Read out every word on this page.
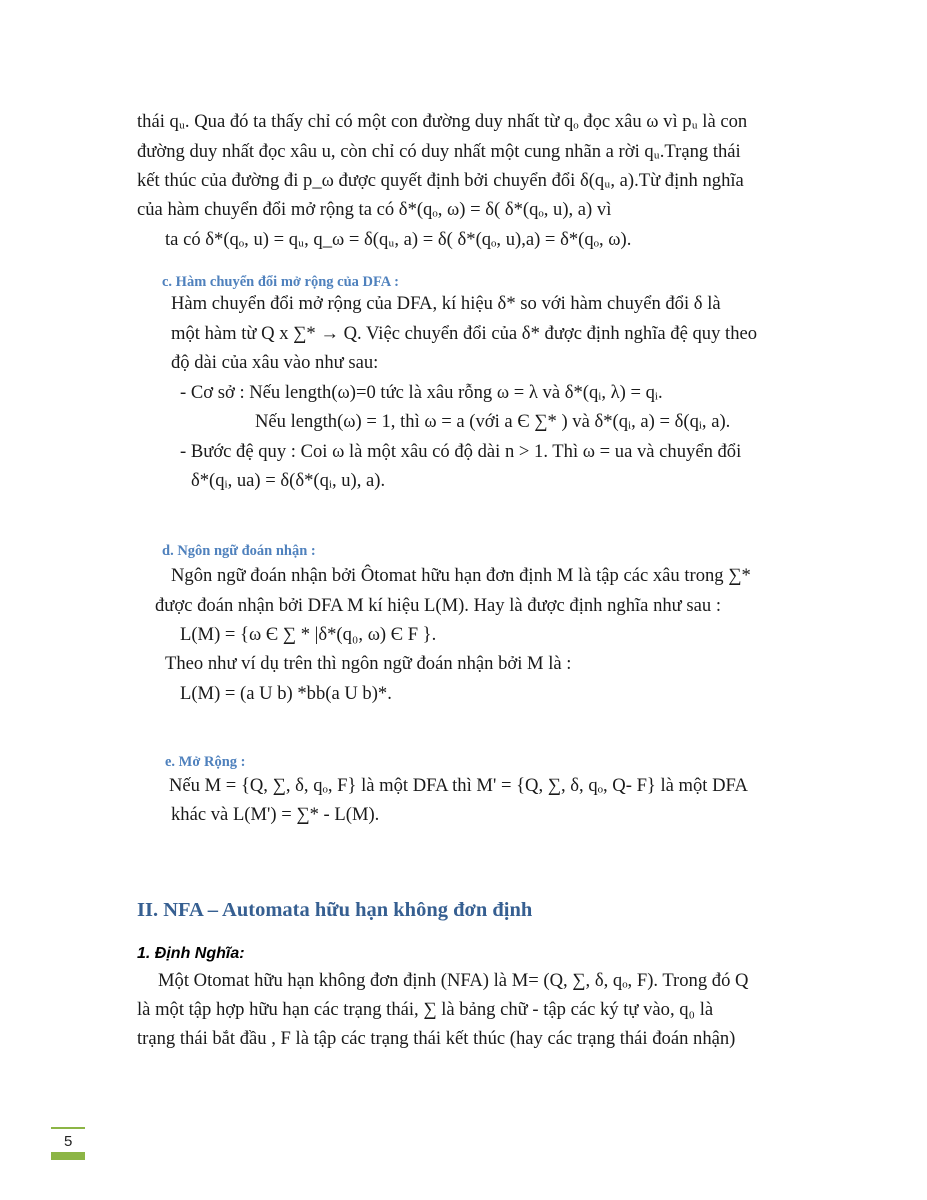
thái qᵤ. Qua đó ta thấy chỉ có một con đường duy nhất từ qₒ đọc xâu ω vì pᵤ là con
đường duy nhất đọc xâu u, còn chỉ có duy nhất một cung nhãn a rời qᵤ.Trạng thái
kết thúc của đường đi p_ω được quyết định bởi chuyển đổi δ(qᵤ, a).Từ định nghĩa
của hàm chuyển đổi mở rộng ta có δ*(qₒ, ω) = δ( δ*(qₒ, u), a) vì
ta có δ*(qₒ, u) = qᵤ, q_ω = δ(qᵤ, a) = δ( δ*(qₒ, u),a) = δ*(qₒ, ω).
c. Hàm chuyển đổi mở rộng của DFA :
Hàm chuyển đổi mở rộng của DFA, kí hiệu δ* so với hàm chuyển đổi δ là
một hàm từ Q x ∑* → Q. Việc chuyển đổi của δ* được định nghĩa đệ quy theo
độ dài của xâu vào như sau:
- Cơ sở : Nếu length(ω)=0 tức là xâu rỗng ω = λ và δ*(qᵢ, λ) = qᵢ.
Nếu length(ω) = 1, thì ω = a (với a Є ∑* ) và δ*(qᵢ, a) = δ(qᵢ, a).
- Bước đệ quy : Coi ω là một xâu có độ dài n > 1. Thì ω = ua và chuyển đổi
δ*(qᵢ, ua) = δ(δ*(qᵢ, u), a).
d. Ngôn ngữ đoán nhận :
Ngôn ngữ đoán nhận bởi Ôtomat hữu hạn đơn định M là tập các xâu trong ∑*
được đoán nhận bởi DFA M kí hiệu L(M). Hay là được định nghĩa như sau :
L(M) = {ω Є ∑ * |δ*(q₀, ω) Є F }.
Theo như ví dụ trên thì ngôn ngữ đoán nhận bởi M là :
L(M) = (a U b) *bb(a U b)*.
e. Mở Rộng :
Nếu M = {Q, ∑, δ, qₒ, F} là một DFA thì M' = {Q, ∑, δ, qₒ, Q- F} là một DFA
khác và L(M') = ∑* - L(M).
II. NFA – Automata hữu hạn không đơn định
1. Định Nghĩa:
Một Otomat hữu hạn không đơn định (NFA) là M= (Q, ∑, δ, qₒ, F). Trong đó Q
là một tập hợp hữu hạn các trạng thái, ∑ là bảng chữ - tập các ký tự vào, q₀ là
trạng thái bắt đầu , F là tập các trạng thái kết thúc (hay các trạng thái đoán nhận)
5
